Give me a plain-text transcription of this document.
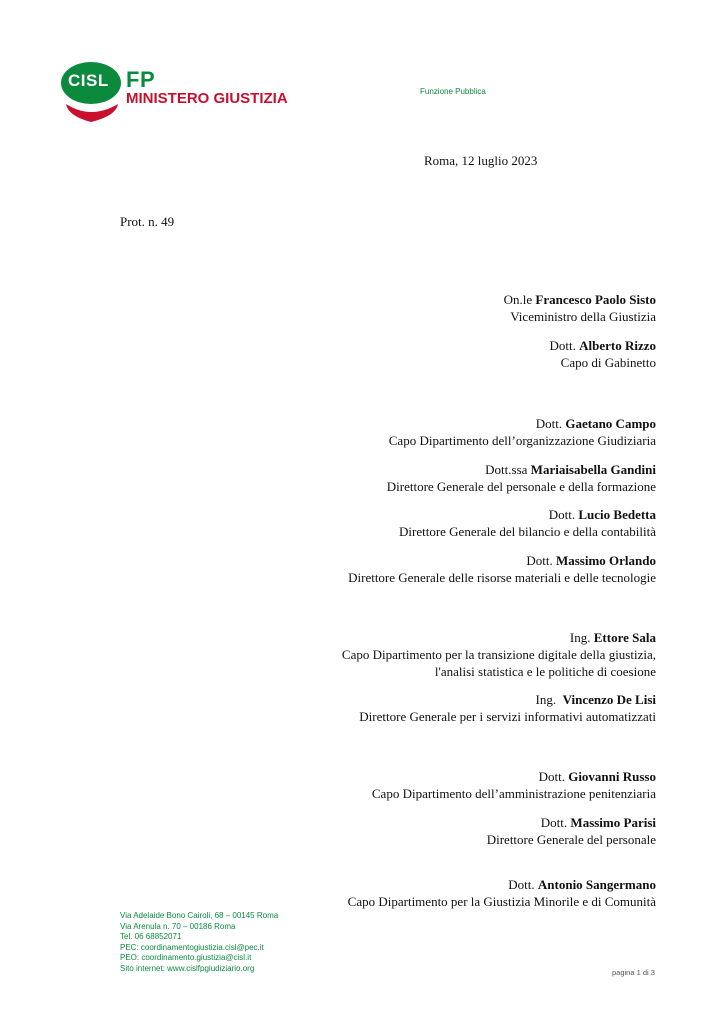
CISL FP
MINISTERO GIUSTIZIA	Funzione Pubblica
Roma, 12 luglio 2023
Prot. n. 49
On.le Francesco Paolo Sisto
Viceministro della Giustizia
Dott. Alberto Rizzo
Capo di Gabinetto
Dott. Gaetano Campo
Capo Dipartimento dell’organizzazione Giudiziaria
Dott.ssa Mariaisabella Gandini
Direttore Generale del personale e della formazione
Dott. Lucio Bedetta
Direttore Generale del bilancio e della contabilità
Dott. Massimo Orlando
Direttore Generale delle risorse materiali e delle tecnologie
Ing. Ettore Sala
Capo Dipartimento per la transizione digitale della giustizia,
l'analisi statistica e le politiche di coesione
Ing.  Vincenzo De Lisi
Direttore Generale per i servizi informativi automatizzati
Dott. Giovanni Russo
Capo Dipartimento dell’amministrazione penitenziaria
Dott. Massimo Parisi
Direttore Generale del personale
Dott. Antonio Sangermano
Capo Dipartimento per la Giustizia Minorile e di Comunità
Via Adelaide Bono Cairoli, 68 – 00145 Roma
Via Arenula n. 70 – 00186 Roma
Tel. 06 68852071
PEC: coordinamentogiustizia.cisl@pec.it
PEO: coordinamento.giustizia@cisl.it
Sito internet: www.cislfpgiudiziario.org	pagina 1 di 3
